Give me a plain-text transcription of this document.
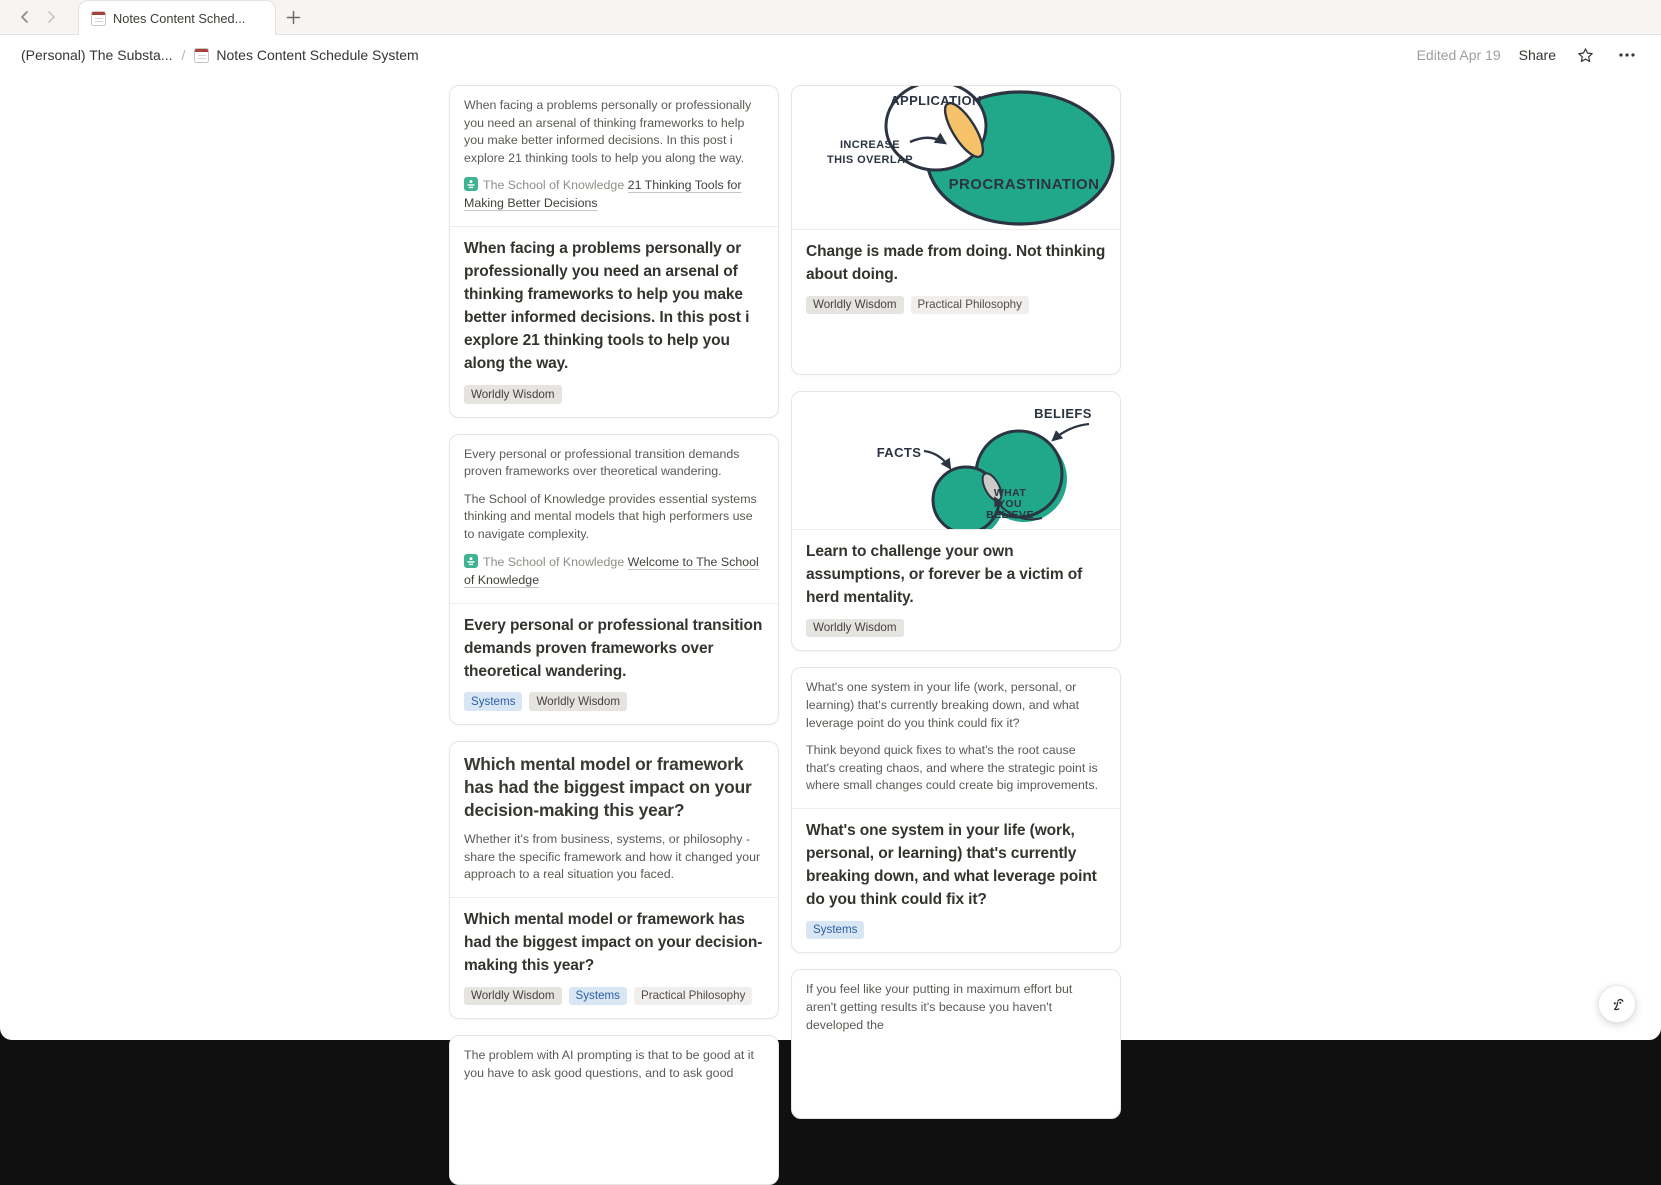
Notes Content Sched...
(Personal) The Substa... / Notes Content Schedule System	Edited Apr 19 Share

When facing a problems personally or professionally you need an arsenal of thinking frameworks to help you make better informed decisions. In this post i explore 21 thinking tools to help you along the way.

The School of Knowledge 21 Thinking Tools for Making Better Decisions
When facing a problems personally or professionally you need an arsenal of thinking frameworks to help you make better informed decisions. In this post i explore 21 thinking tools to help you along the way.
Worldly Wisdom

Every personal or professional transition demands proven frameworks over theoretical wandering.

The School of Knowledge provides essential systems thinking and mental models that high performers use to navigate complexity.

The School of Knowledge Welcome to The School of Knowledge
Every personal or professional transition demands proven frameworks over theoretical wandering.
Systems	Worldly Wisdom
Which mental model or framework has had the biggest impact on your decision-making this year?

Whether it's from business, systems, or philosophy - share the specific framework and how it changed your approach to a real situation you faced.

Which mental model or framework has had the biggest impact on your decision-making this year?
Worldly Wisdom	Systems	Practical Philosophy

The problem with AI prompting is that to be good at it you have to ask good questions, and to ask good

APPLICATION
PROCRASTINATION
INCREASE
THIS OVERLAP
Change is made from doing. Not thinking about doing.
Worldly Wisdom	Practical Philosophy
FACTS
BELIEFS
WHAT
YOU
BELIEVE
Learn to challenge your own assumptions, or forever be a victim of herd mentality.
Worldly Wisdom

What's one system in your life (work, personal, or learning) that's currently breaking down, and what leverage point do you think could fix it?

Think beyond quick fixes to what's the root cause that's creating chaos, and where the strategic point is where small changes could create big improvements.

What's one system in your life (work, personal, or learning) that's currently breaking down, and what leverage point do you think could fix it?
Systems

If you feel like your putting in maximum effort but aren't getting results it's because you haven't developed the
